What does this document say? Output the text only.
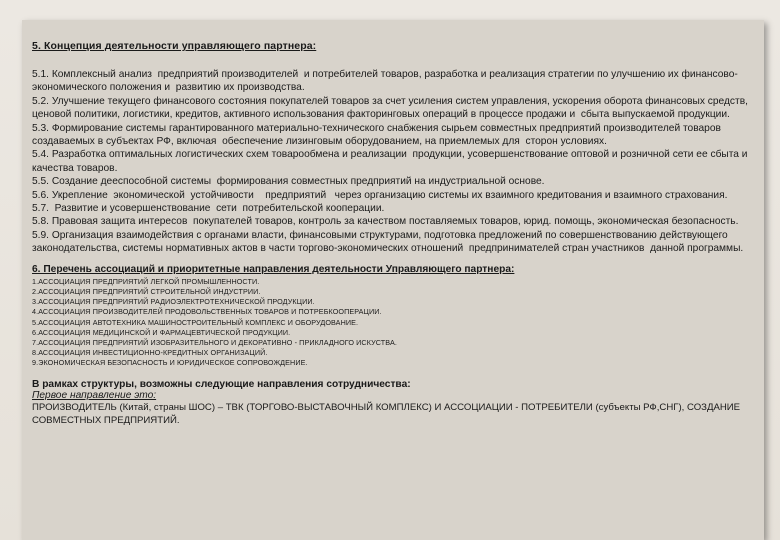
5. Концепция деятельности управляющего партнера:

5.1. Комплексный анализ  предприятий производителей  и потребителей товаров, разработка и реализация стратегии по улучшению их финансово-экономического положения и  развитию их производства.

5.2. Улучшение текущего финансового состояния покупателей товаров за счет усиления систем управления, ускорения оборота финансовых средств, ценовой политики, логистики, кредитов, активного использования факторинговых операций в процессе продажи и  сбыта выпускаемой продукции.

5.3. Формирование системы гарантированного материально-технического снабжения сырьем совместных предприятий производителей товаров создаваемых в субъектах РФ, включая  обеспечение лизинговым оборудованием, на приемлемых для  сторон условиях.

5.4. Разработка оптимальных логистических схем товарообмена и реализации  продукции, усовершенствование оптовой и розничной сети ее сбыта и качества товаров.

5.5. Создание дееспособной системы  формирования совместных предприятий на индустриальной основе.

5.6. Укрепление  экономической  устойчивости    предприятий   через организацию системы их взаимного кредитования и взаимного страхования.

5.7.  Развитие и усовершенствование  сети  потребительской кооперации.

5.8. Правовая защита интересов  покупателей товаров, контроль за качеством поставляемых товаров, юрид. помощь, экономическая безопасность.

5.9. Организация взаимодействия с органами власти, финансовыми структурами, подготовка предложений по совершенствованию действующего законодательства, системы нормативных актов в части торгово-экономических отношений  предпринимателей стран участников  данной программы.

6. Перечень ассоциаций и приоритетные направления деятельности Управляющего партнера:
1.АССОЦИАЦИЯ ПРЕДПРИЯТИЙ ЛЕГКОЙ ПРОМЫШЛЕННОСТИ.
2.АССОЦИАЦИЯ ПРЕДПРИЯТИЙ СТРОИТЕЛЬНОЙ ИНДУСТРИИ.
3.АССОЦИАЦИЯ ПРЕДПРИЯТИЙ РАДИОЭЛЕКТРОТЕХНИЧЕСКОЙ ПРОДУКЦИИ.
4.АССОЦИАЦИЯ ПРОИЗВОДИТЕЛЕЙ ПРОДОВОЛЬСТВЕННЫХ ТОВАРОВ И ПОТРЕБКООПЕРАЦИИ.
5.АССОЦИАЦИЯ АВТОТЕХНИКА МАШИНОСТРОИТЕЛЬНЫЙ КОМПЛЕКС И ОБОРУДОВАНИЕ.
6.АССОЦИАЦИЯ МЕДИЦИНСКОЙ И ФАРМАЦЕВТИЧЕСКОЙ ПРОДУКЦИИ.
7.АССОЦИАЦИЯ ПРЕДПРИЯТИЙ ИЗОБРАЗИТЕЛЬНОГО И ДЕКОРАТИВНО - ПРИКЛАДНОГО ИСКУСТВА.
8.АССОЦИАЦИЯ ИНВЕСТИЦИОННО-КРЕДИТНЫХ ОРГАНИЗАЦИЙ.
9.ЭКОНОМИЧЕСКАЯ БЕЗОПАСНОСТЬ И ЮРИДИЧЕСКОЕ СОПРОВОЖДЕНИЕ.
В рамках структуры, возможны следующие направления сотрудничества:
Первое направление это:
ПРОИЗВОДИТЕЛЬ (Китай, страны ШОС) – ТВК (ТОРГОВО-ВЫСТАВОЧНЫЙ КОМПЛЕКС) И АССОЦИАЦИИ - ПОТРЕБИТЕЛИ (субъекты РФ,СНГ), СОЗДАНИЕ СОВМЕСТНЫХ ПРЕДПРИЯТИЙ.
